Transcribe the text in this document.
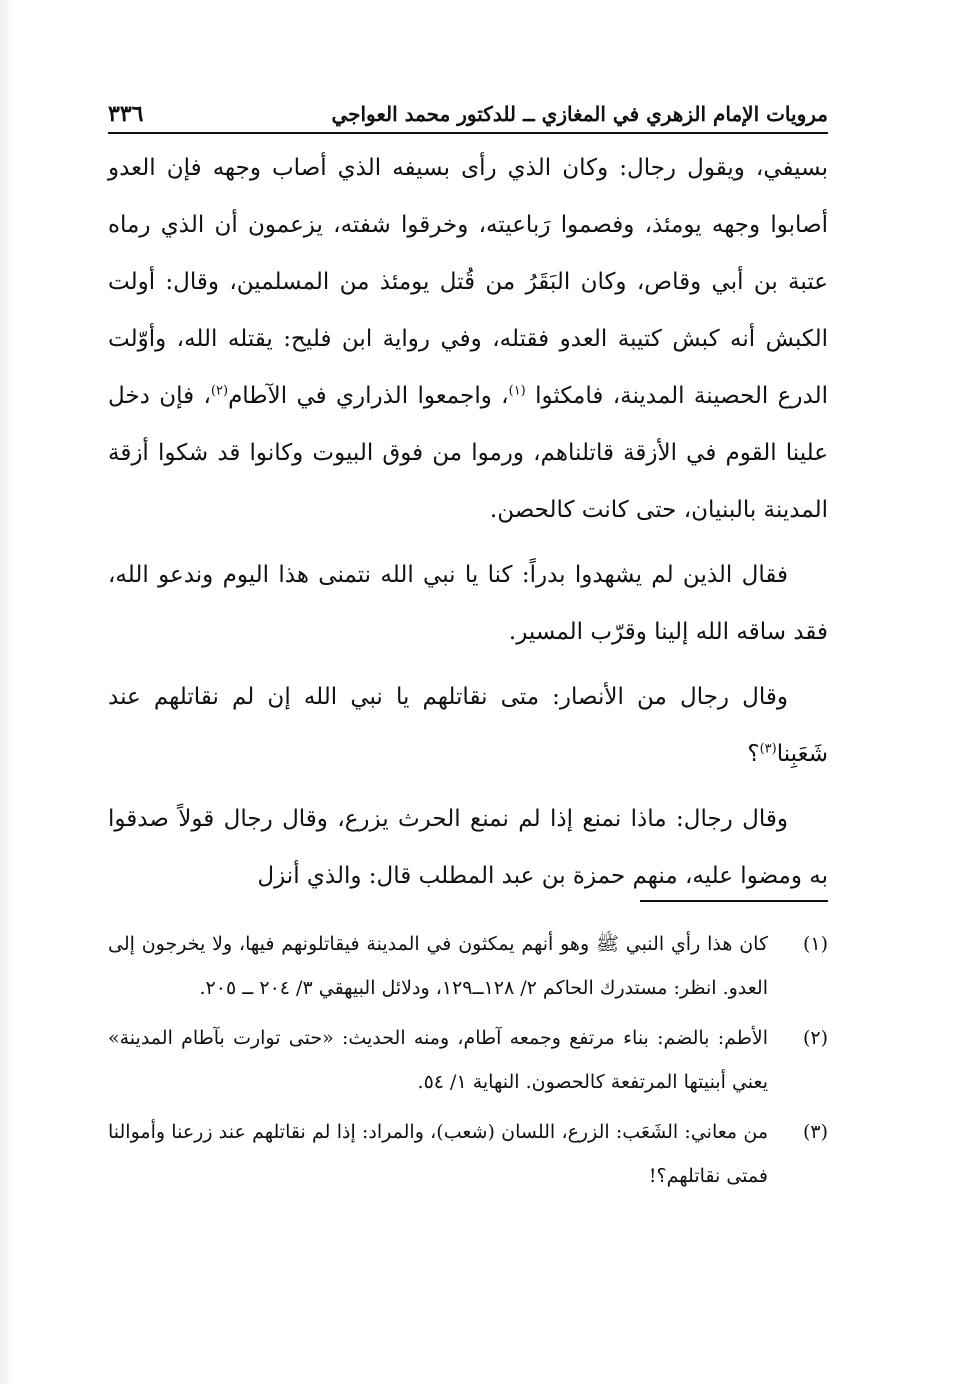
مرويات الإمام الزهري في المغازي ــ للدكتور محمد العواجي
٣٣٦

بسيفي، ويقول رجال: وكان الذي رأى بسيفه الذي أصاب وجهه فإن العدو أصابوا وجهه يومئذ، وفصموا رَباعيته، وخرقوا شفته، يزعمون أن الذي رماه عتبة بن أبي وقاص، وكان البَقَرُ من قُتل يومئذ من المسلمين، وقال: أولت الكبش أنه كبش كتيبة العدو فقتله، وفي رواية ابن فليح: يقتله الله، وأوّلت الدرع الحصينة المدينة، فامكثوا $^{(١)}$، واجمعوا الذراري في الآطام$^{(٢)}$، فإن دخل علينا القوم في الأزقة قاتلناهم، ورموا من فوق البيوت وكانوا قد شكوا أزقة المدينة بالبنيان، حتى كانت كالحصن.

فقال الذين لم يشهدوا بدراً: كنا يا نبي الله نتمنى هذا اليوم وندعو الله، فقد ساقه الله إلينا وقرّب المسير.

وقال رجال من الأنصار: متى نقاتلهم يا نبي الله إن لم نقاتلهم عند شَعَبِنا$^{(٣)}$؟

وقال رجال: ماذا نمنع إذا لم نمنع الحرث يزرع، وقال رجال قولاً صدقوا به ومضوا عليه، منهم حمزة بن عبد المطلب قال: والذي أنزل

(١)
كان هذا رأي النبي ﷺ وهو أنهم يمكثون في المدينة فيقاتلونهم فيها، ولا يخرجون إلى العدو. انظر: مستدرك الحاكم ٢/ ١٢٨ــ١٢٩، ودلائل البيهقي ٣/ ٢٠٤ ــ ٢٠٥.
(٢)
الأطم: بالضم: بناء مرتفع وجمعه آطام، ومنه الحديث: «حتى توارت بآطام المدينة» يعني أبنيتها المرتفعة كالحصون. النهاية ١/ ٥٤.
(٣)
من معاني: الشَعَب: الزرع، اللسان (شعب)، والمراد: إذا لم نقاتلهم عند زرعنا وأموالنا فمتى نقاتلهم؟!
